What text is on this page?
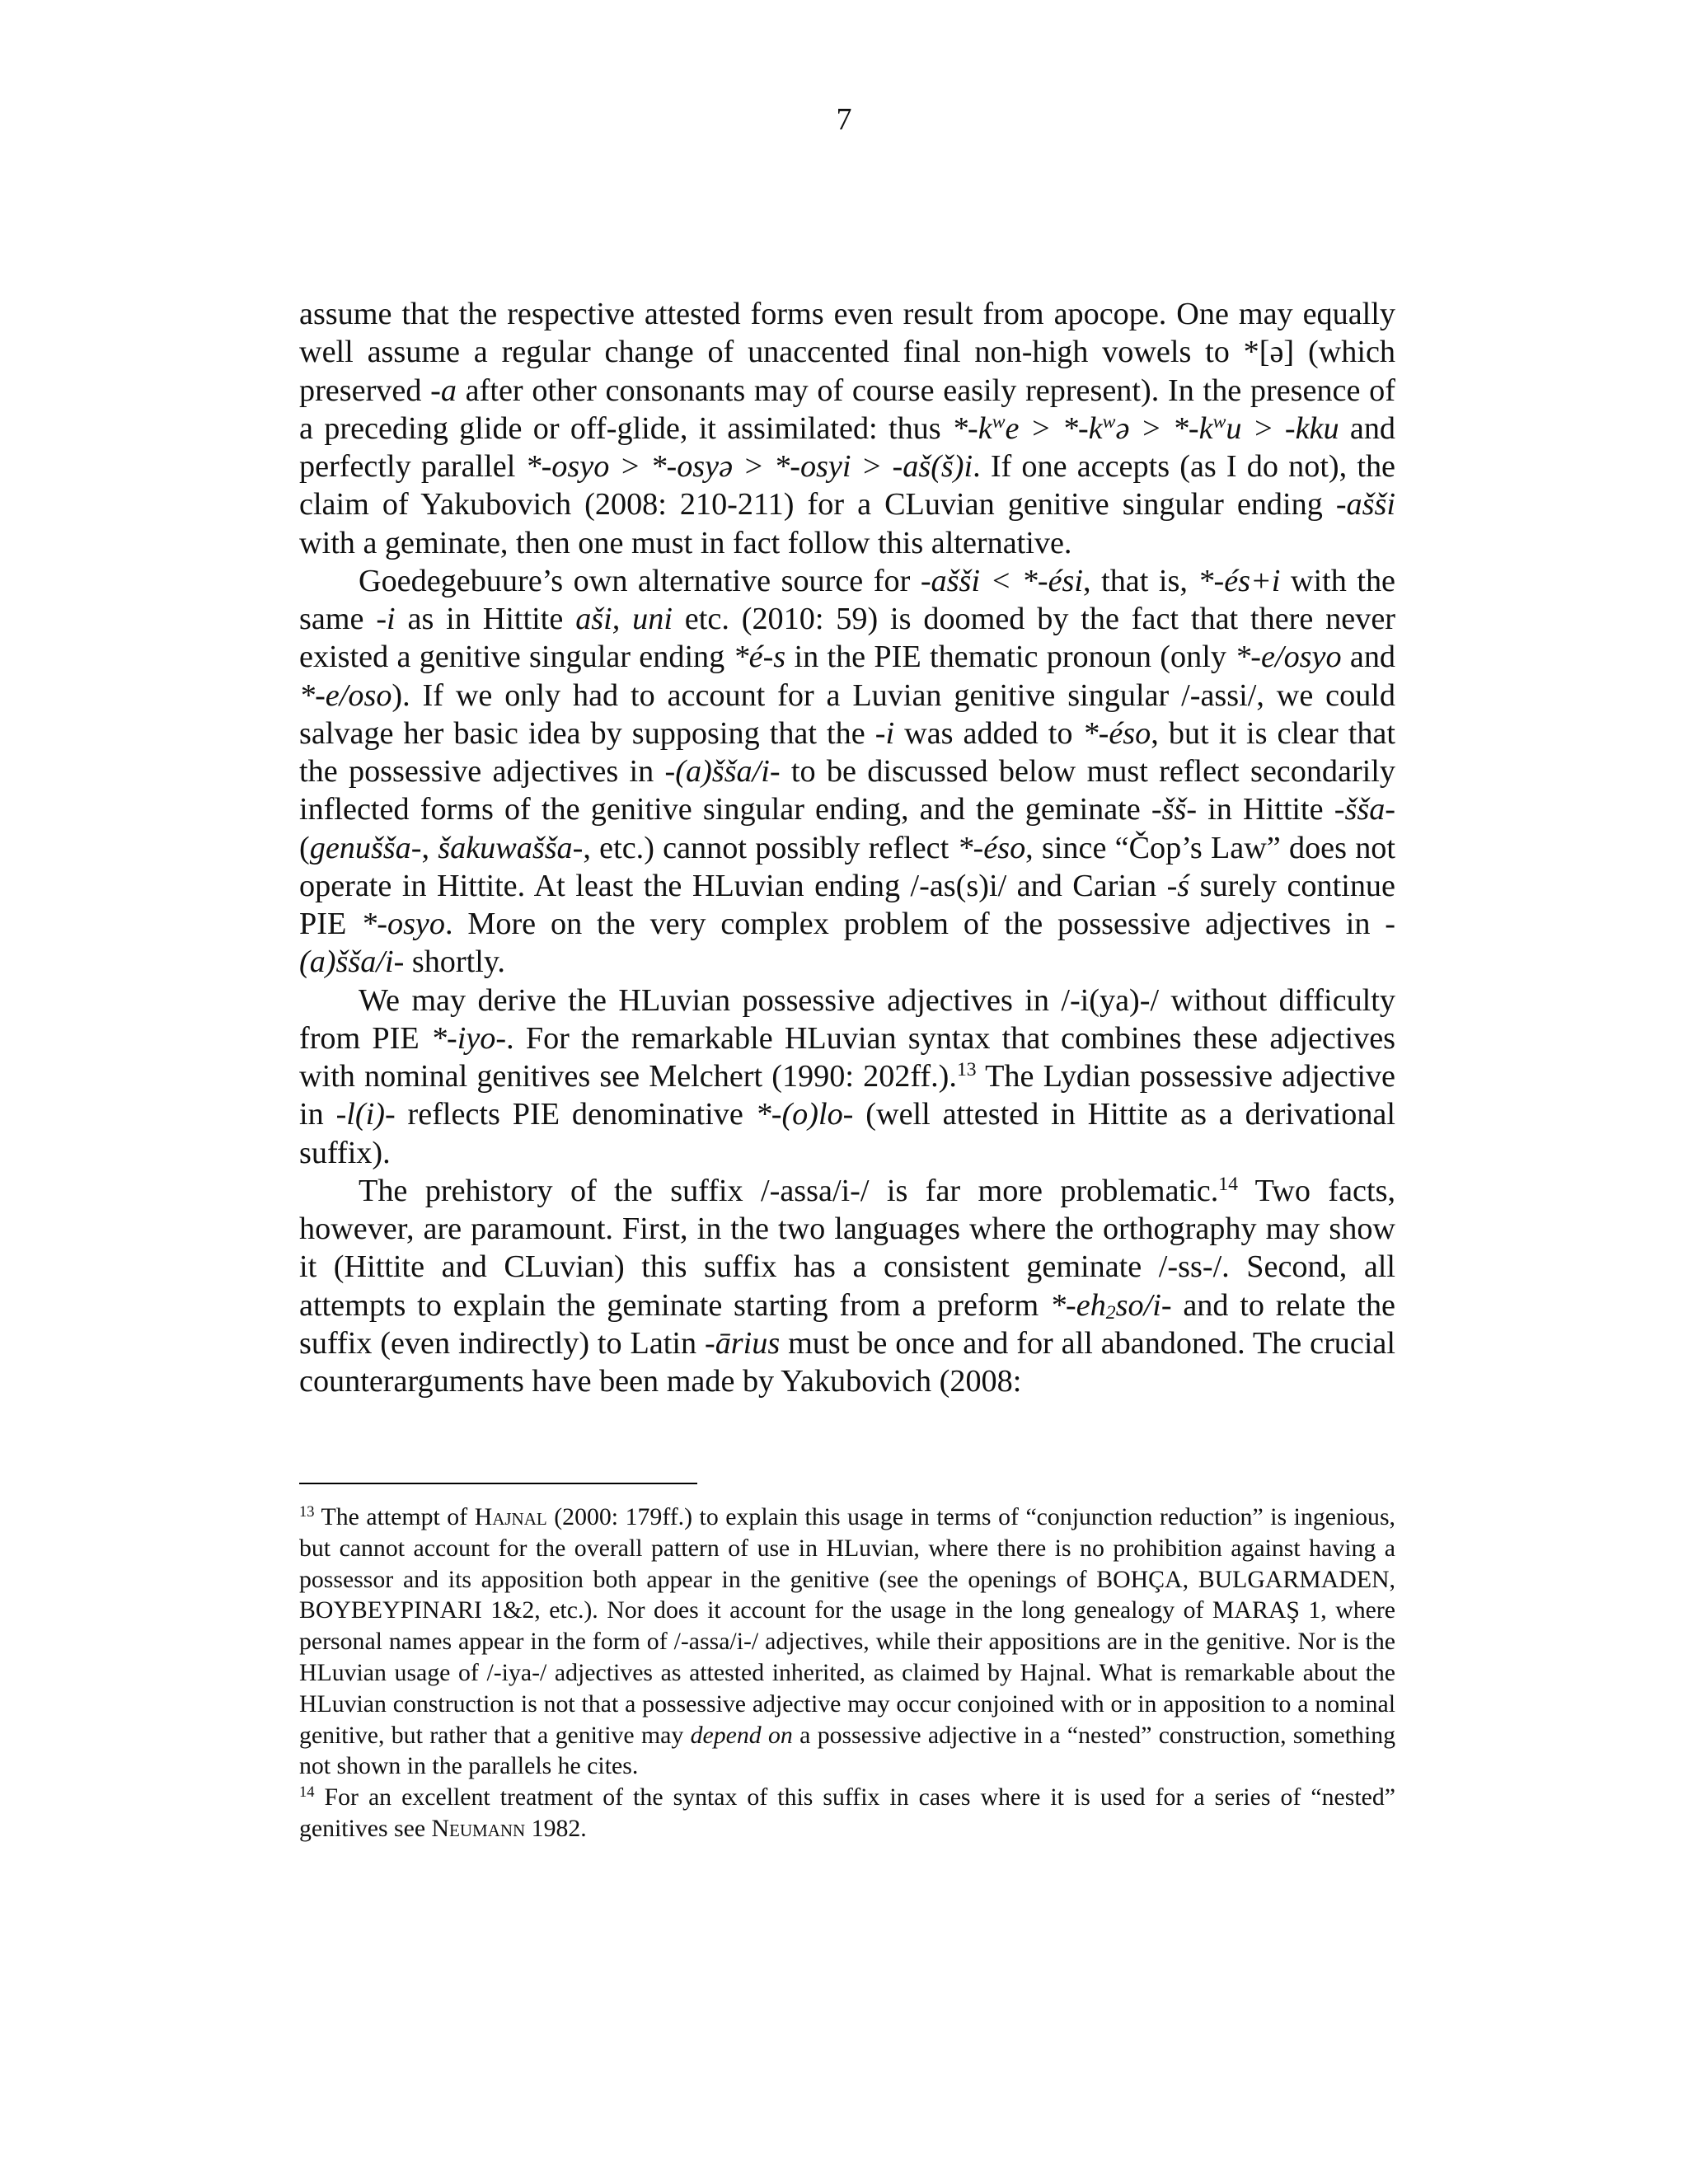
7

assume that the respective attested forms even result from apocope. One may equally well assume a regular change of unaccented final non-high vowels to *[ə] (which preserved -a after other consonants may of course easily represent). In the presence of a preceding glide or off-glide, it assimilated: thus $*-k^we$ > $*-k^wə > *-k^wu > -kku$ and perfectly parallel *-osyo > *-osyə > *-osyi > -aš(š)i. If one accepts (as I do not), the claim of Yakubovich (2008: 210-211) for a CLuvian genitive singular ending -ašši with a geminate, then one must in fact follow this alternative.

Goedegebuure’s own alternative source for -ašši < *-ési, that is, *-és+i with the same -i as in Hittite aši, uni etc. (2010: 59) is doomed by the fact that there never existed a genitive singular ending *é-s in the PIE thematic pronoun (only *-e/osyo and *-e/oso). If we only had to account for a Luvian genitive singular /-assi/, we could salvage her basic idea by supposing that the -i was added to *-éso, but it is clear that the possessive adjectives in -(a)šša/i- to be discussed below must reflect secondarily inflected forms of the genitive singular ending, and the geminate -šš- in Hittite -šša- (genušša-, šakuwašša-, etc.) cannot possibly reflect *-éso, since “Čop’s Law” does not operate in Hittite. At least the HLuvian ending /-as(s)i/ and Carian -ś surely continue PIE *-osyo. More on the very complex problem of the possessive adjectives in -(a)šša/i- shortly.

We may derive the HLuvian possessive adjectives in /-i(ya)-/ without difficulty from PIE *-iyo-. For the remarkable HLuvian syntax that combines these adjectives with nominal genitives see Melchert (1990: 202ff.).$^{13}$ The Lydian possessive adjective in -l(i)- reflects PIE denominative *-(o)lo- (well attested in Hittite as a derivational suffix).

The prehistory of the suffix /-assa/i-/ is far more problematic.$^{14}$ Two facts, however, are paramount. First, in the two languages where the orthography may show it (Hittite and CLuvian) this suffix has a consistent geminate /-ss-/. Second, all attempts to explain the geminate starting from a preform $*-eh_2so/i-$ and to relate the suffix (even indirectly) to Latin -ārius must be once and for all abandoned. The crucial counterarguments have been made by Yakubovich (2008:

$^{13}$ The attempt of Hajnal (2000: 179ff.) to explain this usage in terms of “conjunction reduction” is ingenious, but cannot account for the overall pattern of use in HLuvian, where there is no prohibition against having a possessor and its apposition both appear in the genitive (see the openings of BOHÇA, BULGARMADEN, BOYBEYPINARI 1&2, etc.). Nor does it account for the usage in the long genealogy of MARAŞ 1, where personal names appear in the form of /-assa/i-/ adjectives, while their appositions are in the genitive. Nor is the HLuvian usage of /-iya-/ adjectives as attested inherited, as claimed by Hajnal. What is remarkable about the HLuvian construction is not that a possessive adjective may occur conjoined with or in apposition to a nominal genitive, but rather that a genitive may depend on a possessive adjective in a “nested” construction, something not shown in the parallels he cites.

$^{14}$ For an excellent treatment of the syntax of this suffix in cases where it is used for a series of “nested” genitives see Neumann 1982.
